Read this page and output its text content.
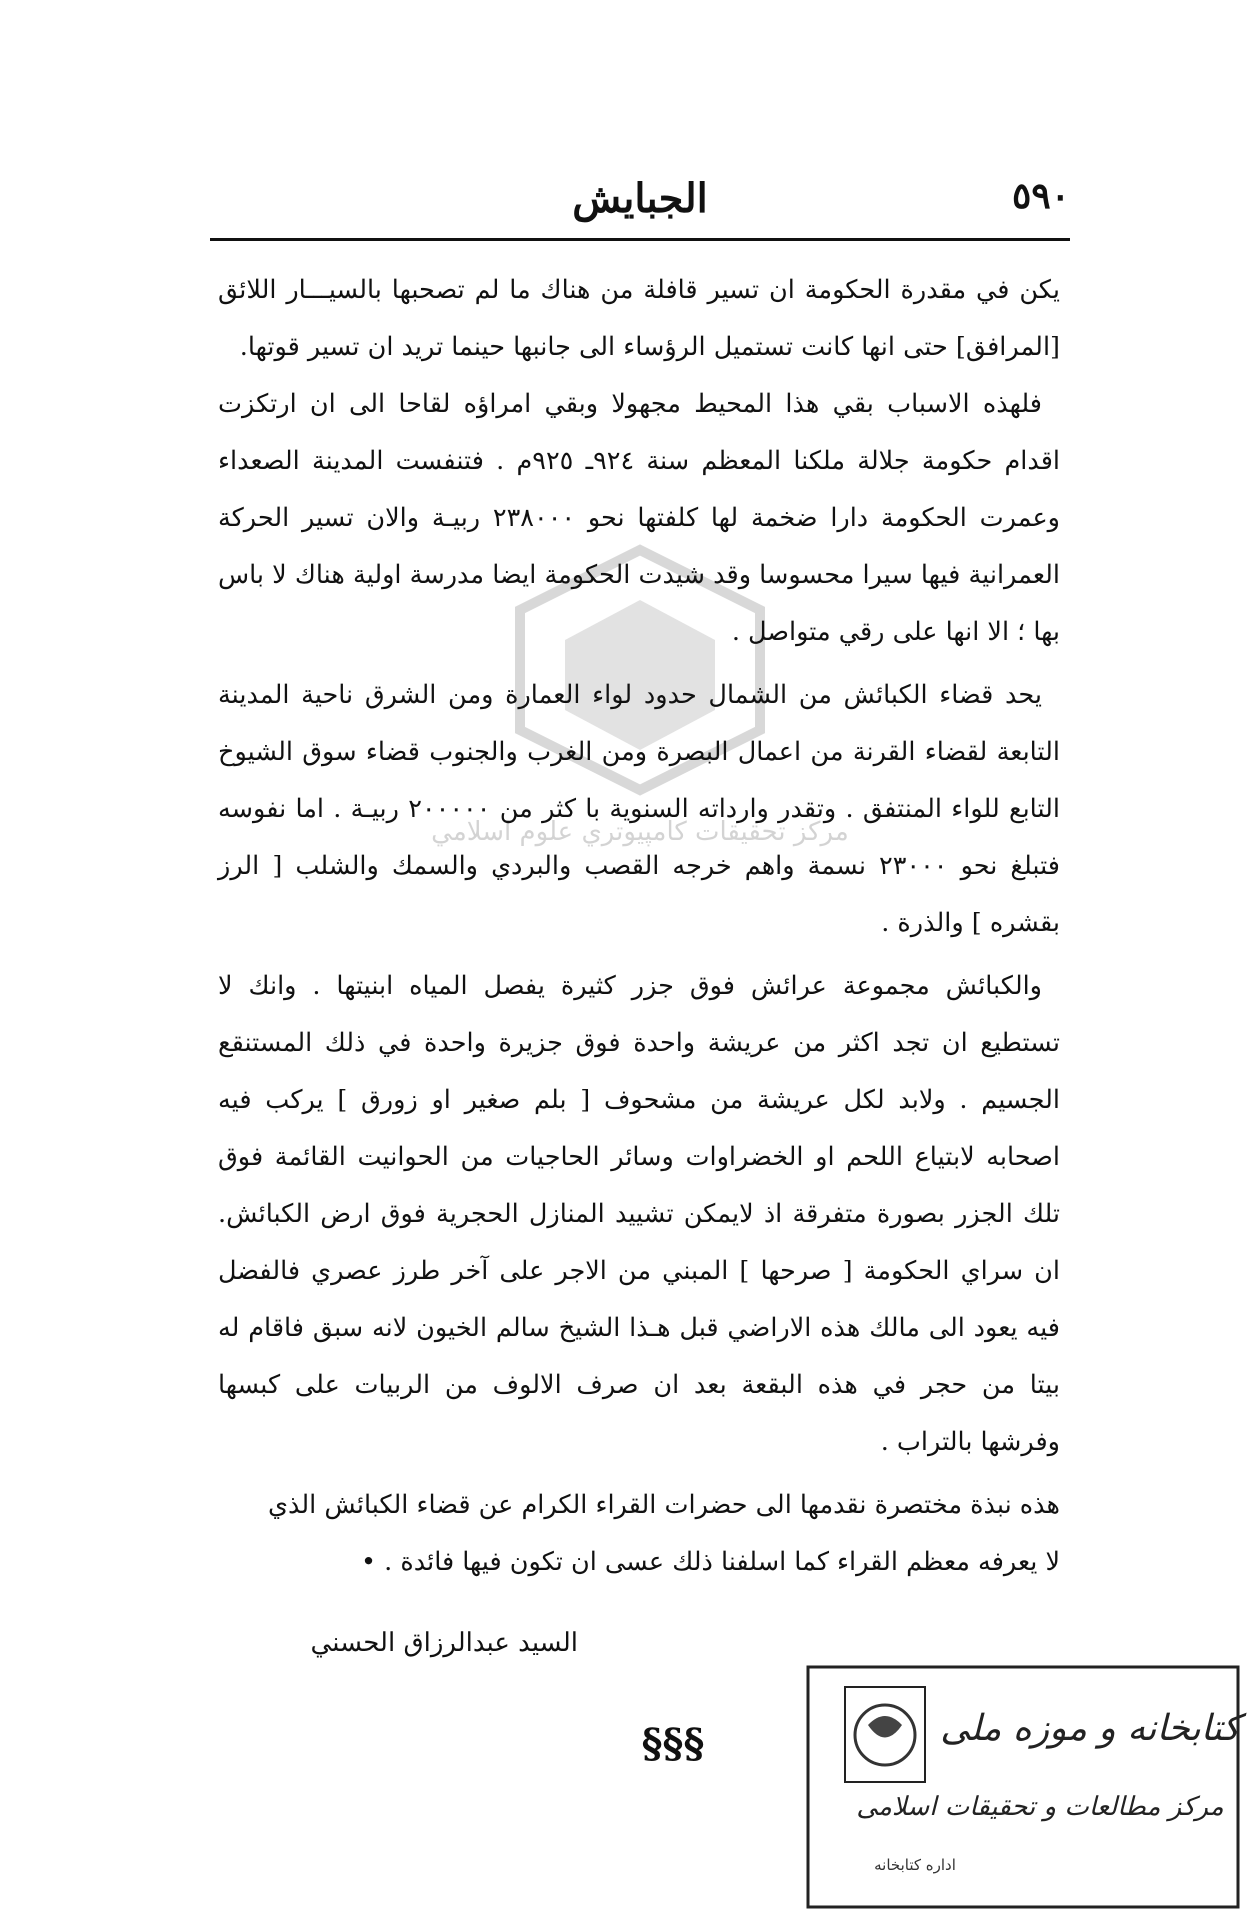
مركز تحقيقات كامپيوتري علوم اسلامي
الجبايش	٥٩٠

يكن في مقدرة الحكومة ان تسير قافلة من هناك ما لم تصحبها بالسيـــار اللائق [المرافق] حتى انها كانت تستميل الرؤساء الى جانبها حينما تريد ان تسير قوتها.

فلهذه الاسباب بقي هذا المحيط مجهولا وبقي امراؤه لقاحا الى ان ارتكزت اقدام حكومة جلالة ملكنا المعظم سنة ٩٢٤ـ ٩٢٥م . فتنفست المدينة الصعداء وعمرت الحكومة دارا ضخمة لها كلفتها نحو ٢٣٨٠٠٠ ربيـة والان تسير الحركة العمرانية فيها سيرا محسوسا وقد شيدت الحكومة ايضا مدرسة اولية هناك لا باس بها ؛ الا انها على رقي متواصل .

يحد قضاء الكبائش من الشمال حدود لواء العمارة ومن الشرق ناحية المدينة التابعة لقضاء القرنة من اعمال البصرة ومن الغرب والجنوب قضاء سوق الشيوخ التابع للواء المنتفق . وتقدر وارداته السنوية با كثر من ٢٠٠٠٠٠ ربيـة . اما نفوسه فتبلغ نحو ٢٣٠٠٠ نسمة واهم خرجه القصب والبردي والسمك والشلب [ الرز بقشره ] والذرة .

والكبائش مجموعة عرائش فوق جزر كثيرة يفصل المياه ابنيتها . وانك لا تستطيع ان تجد اكثر من عريشة واحدة فوق جزيرة واحدة في ذلك المستنقع الجسيم . ولابد لكل عريشة من مشحوف [ بلم صغير او زورق ] يركب فيه اصحابه لابتياع اللحم او الخضراوات وسائر الحاجيات من الحوانيت القائمة فوق تلك الجزر بصورة متفرقة اذ لايمكن تشييد المنازل الحجرية فوق ارض الكبائش. ان سراي الحكومة [ صرحها ] المبني من الاجر على آخر طرز عصري فالفضل فيه يعود الى مالك هذه الاراضي قبل هـذا الشيخ سالم الخيون لانه سبق فاقام له بيتا من حجر في هذه البقعة بعد ان صرف الالوف من الربيات على كبسها وفرشها بالتراب .

هذه نبذة مختصرة نقدمها الى حضرات القراء الكرام عن قضاء الكبائش الذي لا يعرفه معظم القراء كما اسلفنا ذلك عسى ان تكون فيها فائدة . •

السيد عبدالرزاق الحسني
§§§	کتابخانه و موزه ملی
مرکز مطالعات و تحقیقات اسلامی
اداره کتابخانه
